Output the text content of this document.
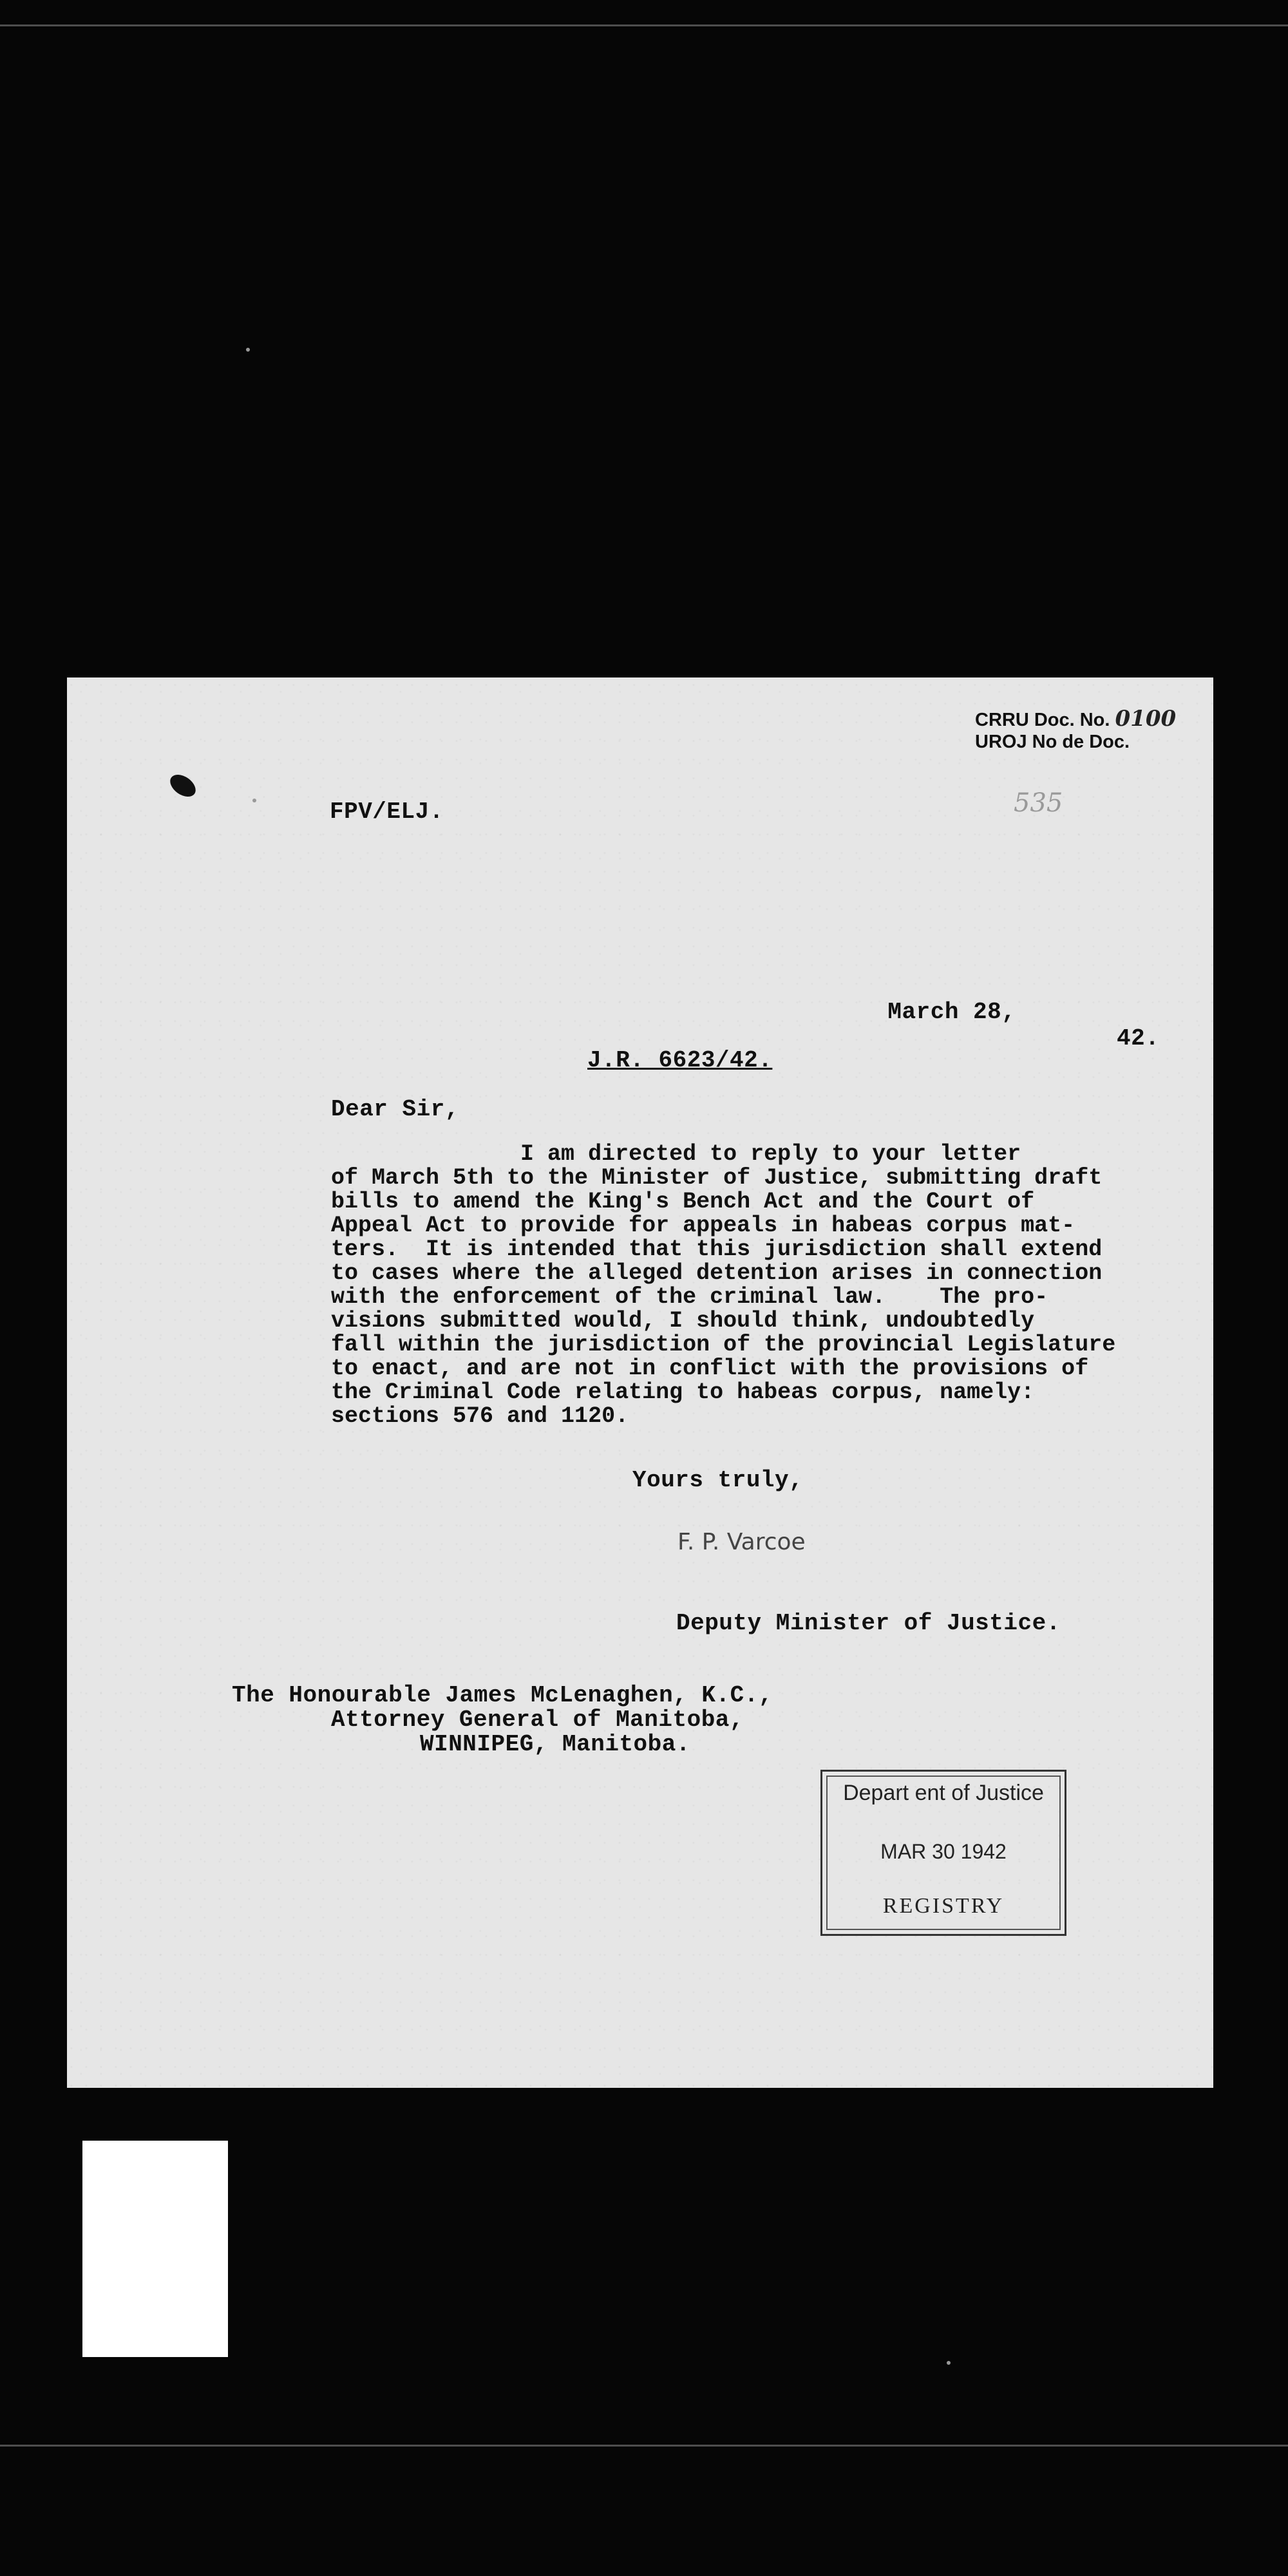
CRRU Doc. No. 0100
UROJ No de Doc.
535
FPV/ELJ.

March 28,

42.

J.R. 6623/42.
Dear Sir,
I am directed to reply to your letter
of March 5th to the Minister of Justice, submitting draft
bills to amend the King's Bench Act and the Court of
Appeal Act to provide for appeals in habeas corpus mat-
ters.  It is intended that this jurisdiction shall extend
to cases where the alleged detention arises in connection
with the enforcement of the criminal law.    The pro-
visions submitted would, I should think, undoubtedly
fall within the jurisdiction of the provincial Legislature
to enact, and are not in conflict with the provisions of
the Criminal Code relating to habeas corpus, namely:
sections 576 and 1120.
Yours truly,
F. P. Varcoe
Deputy Minister of Justice.
The Honourable James McLenaghen, K.C.,
Attorney General of Manitoba,
WINNIPEG, Manitoba.
Depart ent of Justice
MAR 30 1942
REGISTRY
